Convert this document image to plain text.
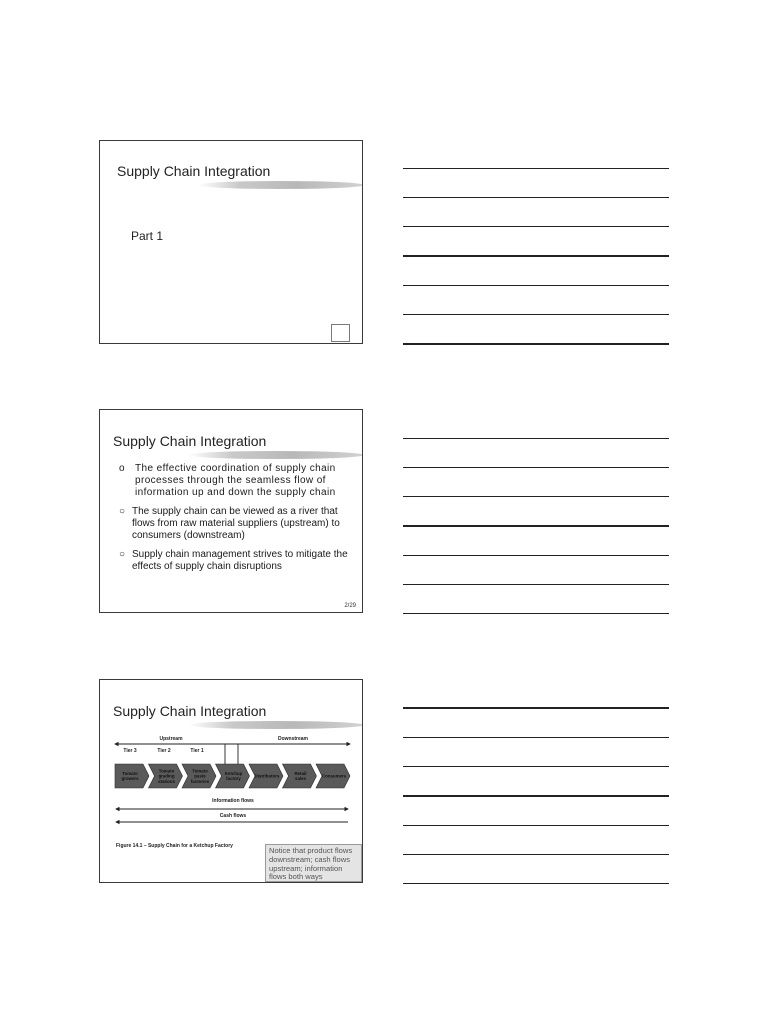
Supply Chain Integration
Part 1
Supply Chain Integration
o The effective coordination of supply chain processes through the seamless flow of information up and down the supply chain
○ The supply chain can be viewed as a river that flows from raw material suppliers (upstream) to consumers (downstream)
○ Supply chain management strives to mitigate the effects of supply chain disruptions
2/29
Supply Chain Integration
Upstream	Downstream
Tier 3	Tier 2	Tier 1
Tomato
growers
Tomato
grading
stations
Tomato
paste
factories
Ketchup
factory
Distributors
Retail
sales
Consumers
Information flows
Cash flows
Figure 14.1 – Supply Chain for a Ketchup Factory	Notice that product flows downstream; cash flows upstream; information flows both ways
